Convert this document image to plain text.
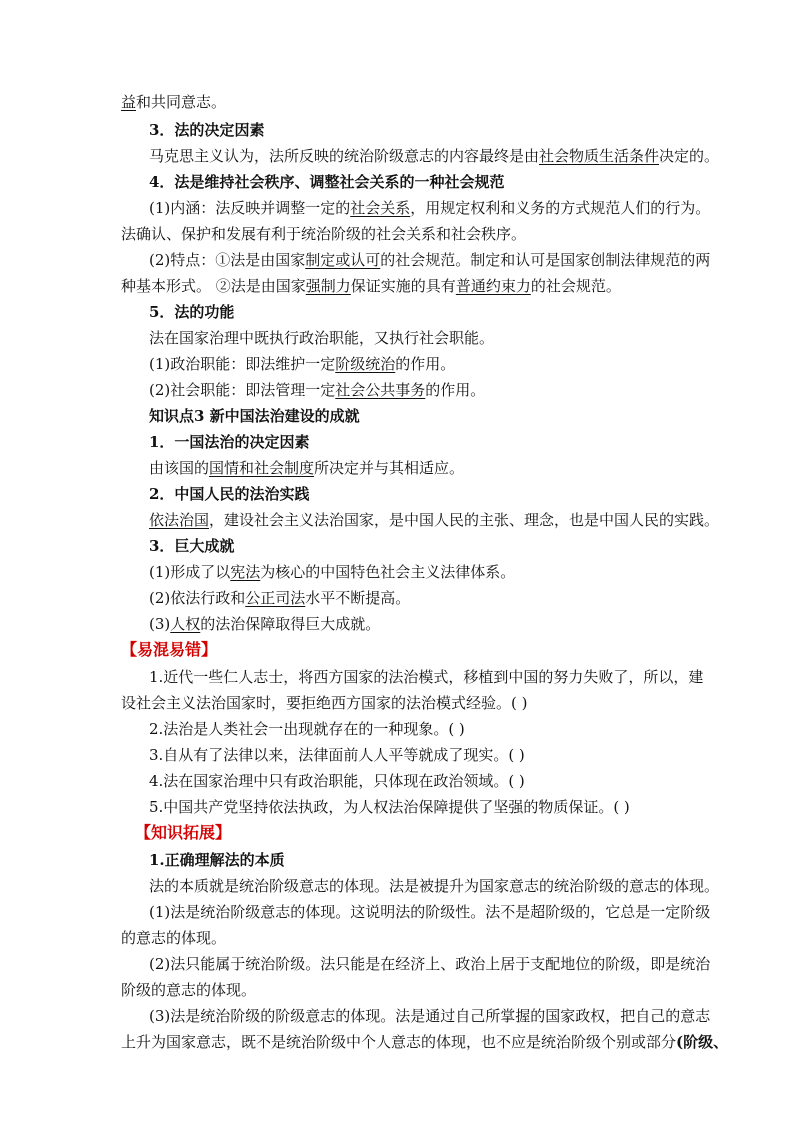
益和共同意志。
3．法的决定因素
马克思主义认为，法所反映的统治阶级意志的内容最终是由社会物质生活条件决定的。
4．法是维持社会秩序、调整社会关系的一种社会规范
(1)内涵：法反映并调整一定的社会关系，用规定权利和义务的方式规范人们的行为。
法确认、保护和发展有利于统治阶级的社会关系和社会秩序。
(2)特点：①法是由国家制定或认可的社会规范。制定和认可是国家创制法律规范的两
种基本形式。 ②法是由国家强制力保证实施的具有普通约束力的社会规范。
5．法的功能
法在国家治理中既执行政治职能，又执行社会职能。
(1)政治职能：即法维护一定阶级统治的作用。
(2)社会职能：即法管理一定社会公共事务的作用。
知识点3 新中国法治建设的成就
1．一国法治的决定因素
由该国的国情和社会制度所决定并与其相适应。
2．中国人民的法治实践
依法治国，建设社会主义法治国家，是中国人民的主张、理念，也是中国人民的实践。
3．巨大成就
(1)形成了以宪法为核心的中国特色社会主义法律体系。
(2)依法行政和公正司法水平不断提高。
(3)人权的法治保障取得巨大成就。
【易混易错】
1.近代一些仁人志士，将西方国家的法治模式，移植到中国的努力失败了，所以，建
设社会主义法治国家时，要拒绝西方国家的法治模式经验。( )
2.法治是人类社会一出现就存在的一种现象。( )
3.自从有了法律以来，法律面前人人平等就成了现实。( )
4.法在国家治理中只有政治职能，只体现在政治领域。( )
5.中国共产党坚持依法执政，为人权法治保障提供了坚强的物质保证。( )
【知识拓展】
1.正确理解法的本质
法的本质就是统治阶级意志的体现。法是被提升为国家意志的统治阶级的意志的体现。
(1)法是统治阶级意志的体现。这说明法的阶级性。法不是超阶级的，它总是一定阶级
的意志的体现。
(2)法只能属于统治阶级。法只能是在经济上、政治上居于支配地位的阶级，即是统治
阶级的意志的体现。
(3)法是统治阶级的阶级意志的体现。法是通过自己所掌握的国家政权，把自己的意志
上升为国家意志，既不是统治阶级中个人意志的体现，也不应是统治阶级个别或部分(阶级、
